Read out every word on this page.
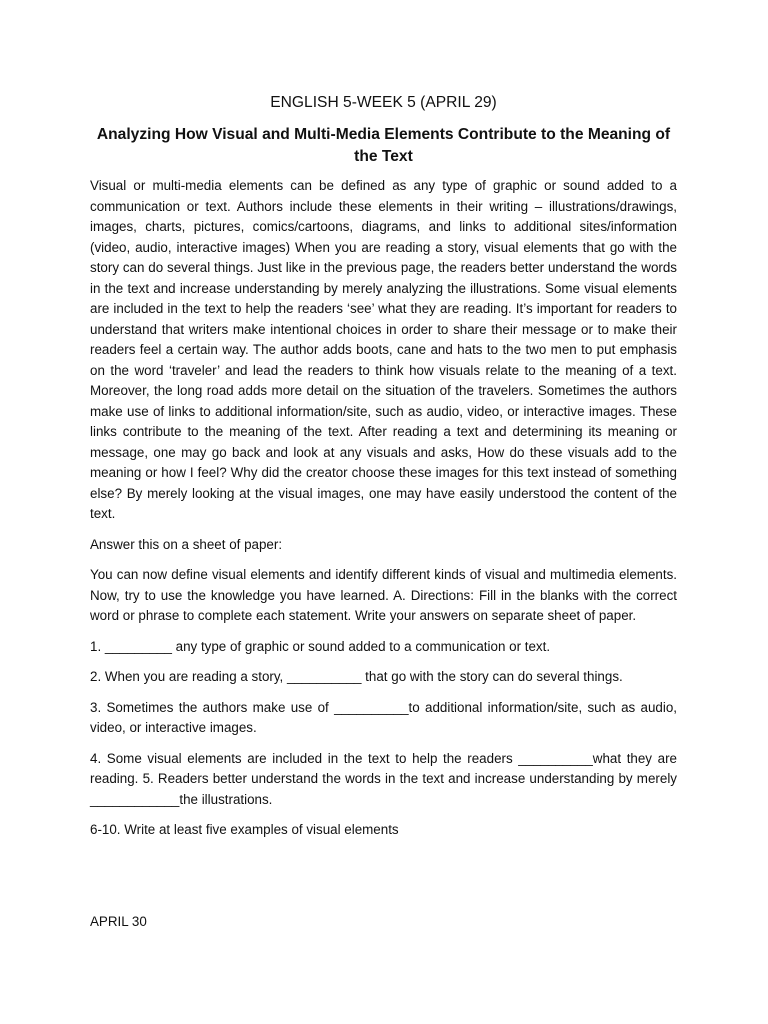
ENGLISH 5-WEEK 5 (APRIL 29)
Analyzing How Visual and Multi-Media Elements Contribute to the Meaning of the Text

Visual or multi-media elements can be defined as any type of graphic or sound added to a communication or text. Authors include these elements in their writing – illustrations/drawings, images, charts, pictures, comics/cartoons, diagrams, and links to additional sites/information (video, audio, interactive images) When you are reading a story, visual elements that go with the story can do several things. Just like in the previous page, the readers better understand the words in the text and increase understanding by merely analyzing the illustrations. Some visual elements are included in the text to help the readers ‘see’ what they are reading. It’s important for readers to understand that writers make intentional choices in order to share their message or to make their readers feel a certain way. The author adds boots, cane and hats to the two men to put emphasis on the word ‘traveler’ and lead the readers to think how visuals relate to the meaning of a text. Moreover, the long road adds more detail on the situation of the travelers. Sometimes the authors make use of links to additional information/site, such as audio, video, or interactive images. These links contribute to the meaning of the text. After reading a text and determining its meaning or message, one may go back and look at any visuals and asks, How do these visuals add to the meaning or how I feel? Why did the creator choose these images for this text instead of something else? By merely looking at the visual images, one may have easily understood the content of the text.

Answer this on a sheet of paper:

You can now define visual elements and identify different kinds of visual and multimedia elements. Now, try to use the knowledge you have learned. A. Directions: Fill in the blanks with the correct word or phrase to complete each statement. Write your answers on separate sheet of paper.

1. _________ any type of graphic or sound added to a communication or text.
2. When you are reading a story, __________ that go with the story can do several things.
3. Sometimes the authors make use of __________to additional information/site, such as audio, video, or interactive images.
4. Some visual elements are included in the text to help the readers __________what they are reading. 5. Readers better understand the words in the text and increase understanding by merely ____________the illustrations.
6-10. Write at least five examples of visual elements
APRIL 30
